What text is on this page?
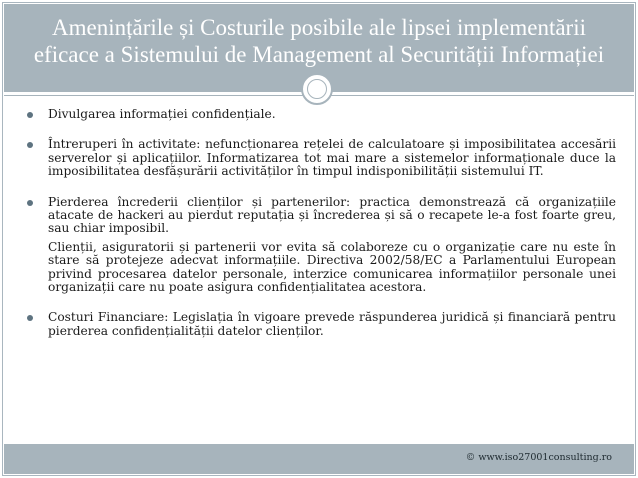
Amenințările și Costurile posibile ale lipsei implementării
eficace a Sistemului de Management al Securității Informației

Divulgarea informației confidențiale.

Întreruperi în activitate: nefuncționarea rețelei de calculatoare și imposibilitatea accesării serverelor și aplicațiilor. Informatizarea tot mai mare a sistemelor informaționale duce la imposibilitatea desfășurării activităților în timpul indisponibilității sistemului IT.

Pierderea încrederii clienților și partenerilor: practica demonstrează că organizațiile atacate de hackeri au pierdut reputația și încrederea și să o recapete le-a fost foarte greu, sau chiar imposibil.

Clienții, asiguratorii și partenerii vor evita să colaboreze cu o organizație care nu este în stare să protejeze adecvat informațiile. Directiva 2002/58/EC a Parlamentului European privind procesarea datelor personale, interzice comunicarea informațiilor personale unei organizații care nu poate asigura confidențialitatea acestora.

Costuri Financiare: Legislația în vigoare prevede răspunderea juridică și financiară pentru pierderea confidențialității datelor clienților.

© www.iso27001consulting.ro
